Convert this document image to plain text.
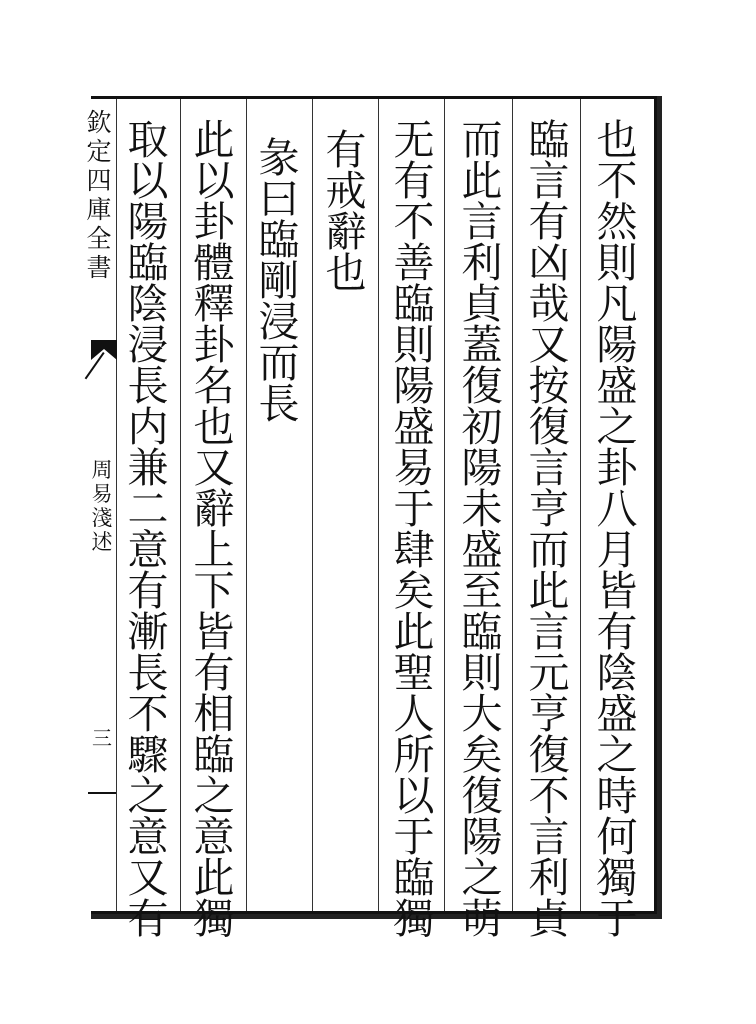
欽
定
四
庫
全
書
周
易
淺
述
三
也
不
然
則
凡
陽
盛
之
卦
八
月
皆
有
陰
盛
之
時
何
獨
于
臨
言
有
凶
哉
又
按
復
言
亨
而
此
言
元
亨
復
不
言
利
貞
而
此
言
利
貞
蓋
復
初
陽
未
盛
至
臨
則
大
矣
復
陽
之
萌
无
有
不
善
臨
則
陽
盛
易
于
肆
矣
此
聖
人
所
以
于
臨
獨
有
戒
辭
也
彖
曰
臨
剛
浸
而
長
此
以
卦
體
釋
卦
名
也
又
辭
上
下
皆
有
相
臨
之
意
此
獨
取
以
陽
臨
陰
浸
長
内
兼
二
意
有
漸
長
不
驟
之
意
又
有
